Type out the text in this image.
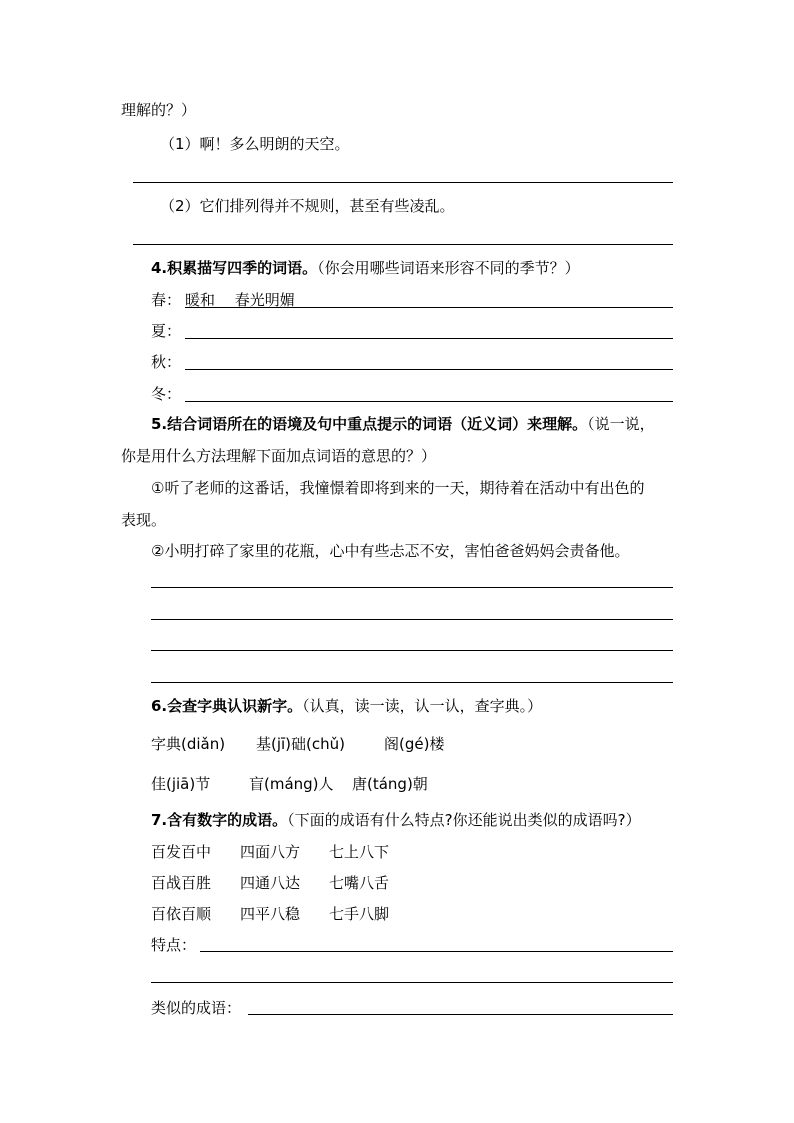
理解的？）
（1）啊！多么明朗的天空。
（2）它们排列得并不规则，甚至有些凌乱。
4.积累描写四季的词语。（你会用哪些词语来形容不同的季节？）
春： 暖和　 春光明媚
夏：
秋：
冬：
5.结合词语所在的语境及句中重点提示的词语（近义词）来理解。（说一说，
你是用什么方法理解下面加点词语的意思的？）
①听了老师的这番话，我憧憬着即将到来的一天，期待着在活动中有出色的
表现。
②小明打碎了家里的花瓶，心中有些忐忑不安，害怕爸爸妈妈会责备他。
6.会查字典认识新字。（认真，读一读，认一认，查字典。）
字典(diǎn) 基(jī)础(chǔ)	阁(gé)楼
佳(jiā)节	盲(máng)人 唐(táng)朝
7.含有数字的成语。（下面的成语有什么特点?你还能说出类似的成语吗?）
百发百中 四面八方 七上八下
百战百胜 四通八达 七嘴八舌
百依百顺 四平八稳 七手八脚
特点：
类似的成语：
